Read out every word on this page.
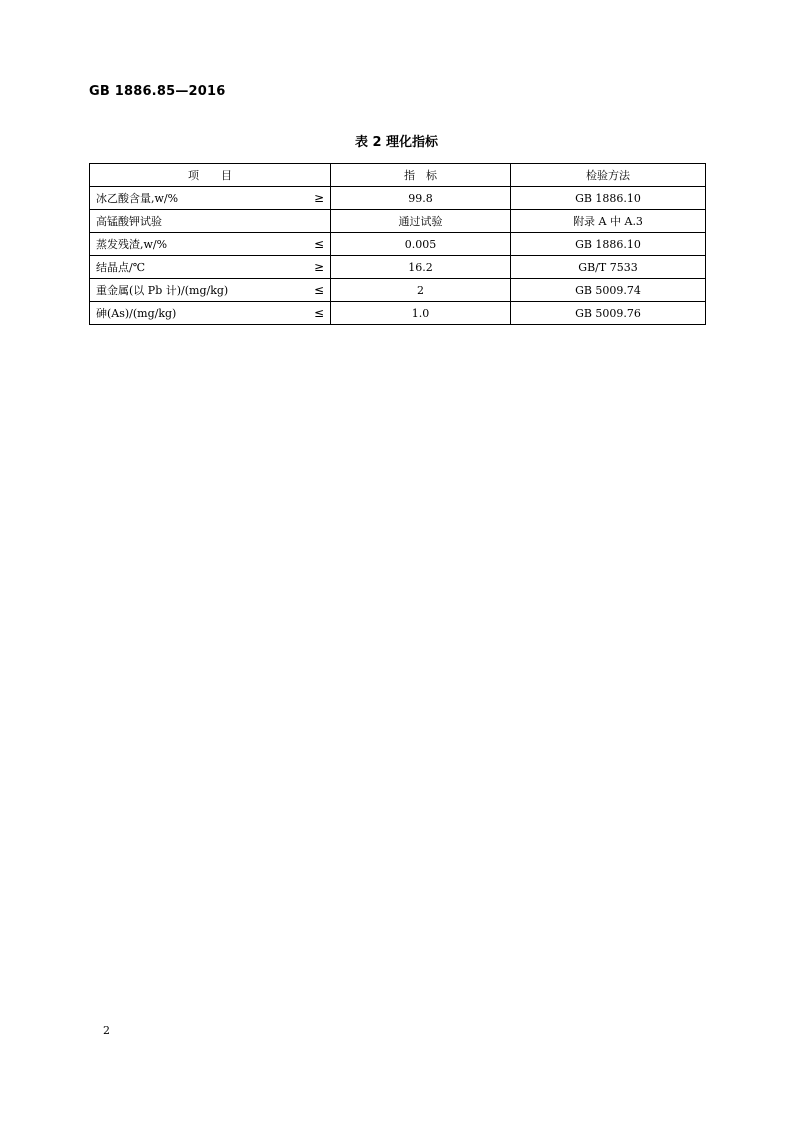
GB 1886.85—2016
表 2 理化指标
项　　目	指　标	检验方法
冰乙酸含量,w/% ≥	99.8	GB 1886.10
高锰酸钾试验	通过试验	附录 A 中 A.3
蒸发残渣,w/% ≤	0.005	GB 1886.10
结晶点/℃ ≥	16.2	GB/T 7533
重金属(以 Pb 计)/(mg/kg) ≤	2	GB 5009.74
砷(As)/(mg/kg) ≤	1.0	GB 5009.76
2
